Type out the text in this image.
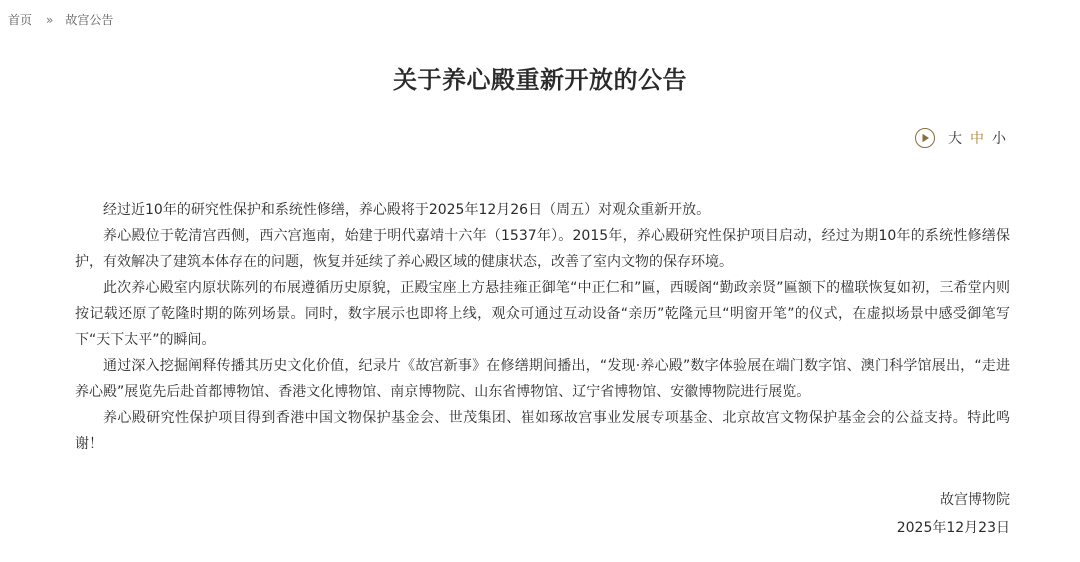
首页 » 故宫公告
关于养心殿重新开放的公告
大 中 小

经过近10年的研究性保护和系统性修缮，养心殿将于2025年12月26日（周五）对观众重新开放。

养心殿位于乾清宫西侧，西六宫迤南，始建于明代嘉靖十六年（1537年）。2015年，养心殿研究性保护项目启动，经过为期10年的系统性修缮保护，有效解决了建筑本体存在的问题，恢复并延续了养心殿区域的健康状态，改善了室内文物的保存环境。

此次养心殿室内原状陈列的布展遵循历史原貌，正殿宝座上方悬挂雍正御笔“中正仁和”匾，西暖阁“勤政亲贤”匾额下的楹联恢复如初，三希堂内则按记载还原了乾隆时期的陈列场景。同时，数字展示也即将上线，观众可通过互动设备“亲历”乾隆元旦“明窗开笔”的仪式，在虚拟场景中感受御笔写下“天下太平”的瞬间。

通过深入挖掘阐释传播其历史文化价值，纪录片《故宫新事》在修缮期间播出，“发现·养心殿”数字体验展在端门数字馆、澳门科学馆展出，“走进养心殿”展览先后赴首都博物馆、香港文化博物馆、南京博物院、山东省博物馆、辽宁省博物馆、安徽博物院进行展览。

养心殿研究性保护项目得到香港中国文物保护基金会、世茂集团、崔如琢故宫事业发展专项基金、北京故宫文物保护基金会的公益支持。特此鸣谢！

故宫博物院
2025年12月23日
